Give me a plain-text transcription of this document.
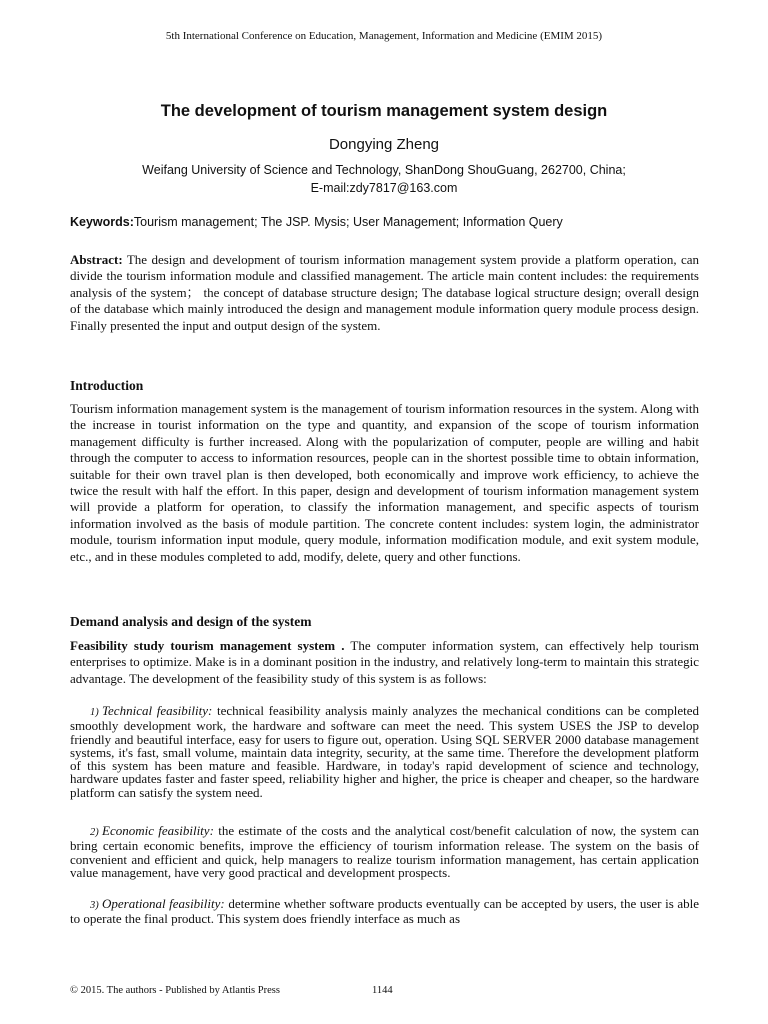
5th International Conference on Education, Management, Information and Medicine (EMIM 2015)
The development of tourism management system design
Dongying Zheng
Weifang University of Science and Technology, ShanDong ShouGuang, 262700, China;
E-mail:zdy7817@163.com
Keywords:Tourism management; The JSP. Mysis; User Management; Information Query
Abstract: The design and development of tourism information management system provide a platform operation, can divide the tourism information module and classified management. The article main content includes: the requirements analysis of the system； the concept of database structure design; The database logical structure design; overall design of the database which mainly introduced the design and management module information query module process design. Finally presented the input and output design of the system.
Introduction
Tourism information management system is the management of tourism information resources in the system. Along with the increase in tourist information on the type and quantity, and expansion of the scope of tourism information management difficulty is further increased. Along with the popularization of computer, people are willing and habit through the computer to access to information resources, people can in the shortest possible time to obtain information, suitable for their own travel plan is then developed, both economically and improve work efficiency, to achieve the twice the result with half the effort. In this paper, design and development of tourism information management system will provide a platform for operation, to classify the information management, and specific aspects of tourism information involved as the basis of module partition. The concrete content includes: system login, the administrator module, tourism information input module, query module, information modification module, and exit system module, etc., and in these modules completed to add, modify, delete, query and other functions.
Demand analysis and design of the system
Feasibility study tourism management system . The computer information system, can effectively help tourism enterprises to optimize. Make is in a dominant position in the industry, and relatively long-term to maintain this strategic advantage. The development of the feasibility study of this system is as follows:

1) Technical feasibility: technical feasibility analysis mainly analyzes the mechanical conditions can be completed smoothly development work, the hardware and software can meet the need. This system USES the JSP to develop friendly and beautiful interface, easy for users to figure out, operation. Using SQL SERVER 2000 database management systems, it's fast, small volume, maintain data integrity, security, at the same time. Therefore the development platform of this system has been mature and feasible. Hardware, in today's rapid development of science and technology, hardware updates faster and faster speed, reliability higher and higher, the price is cheaper and cheaper, so the hardware platform can satisfy the system need.

2) Economic feasibility: the estimate of the costs and the analytical cost/benefit calculation of now, the system can bring certain economic benefits, improve the efficiency of tourism information release. The system on the basis of convenient and efficient and quick, help managers to realize tourism information management, has certain application value management, have very good practical and development prospects.

3) Operational feasibility: determine whether software products eventually can be accepted by users, the user is able to operate the final product. This system does friendly interface as much as

© 2015. The authors - Published by Atlantis Press	1144
